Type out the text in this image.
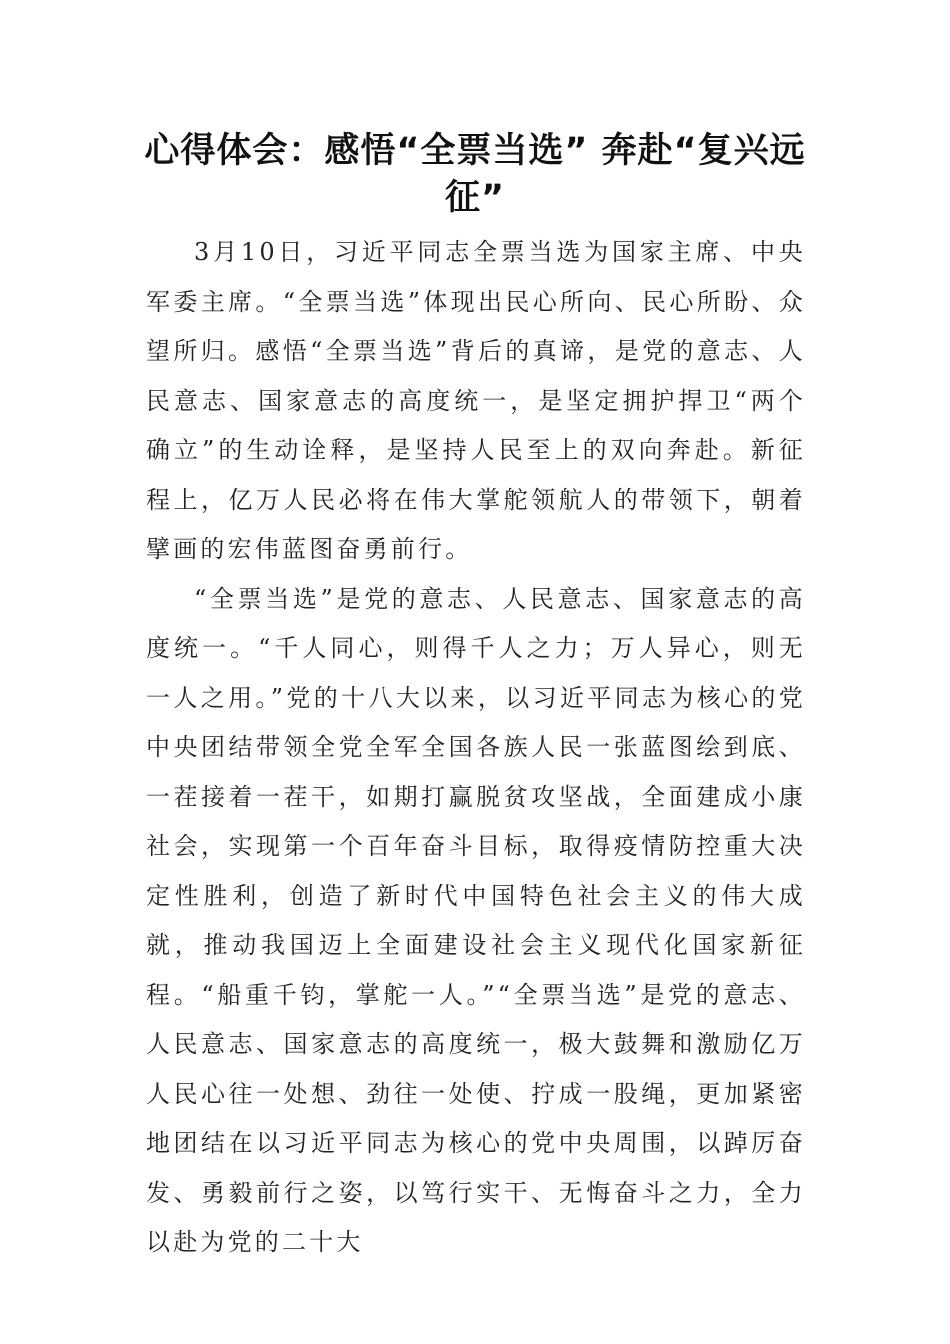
心得体会：感悟“全票当选” 奔赴“复兴远征”

3月10日，习近平同志全票当选为国家主席、中央军委主席。“全票当选”体现出民心所向、民心所盼、众望所归。感悟“全票当选”背后的真谛，是党的意志、人民意志、国家意志的高度统一，是坚定拥护捍卫“两个确立”的生动诠释，是坚持人民至上的双向奔赴。新征程上，亿万人民必将在伟大掌舵领航人的带领下，朝着擘画的宏伟蓝图奋勇前行。

“全票当选”是党的意志、人民意志、国家意志的高度统一。“千人同心，则得千人之力；万人异心，则无一人之用。”党的十八大以来，以习近平同志为核心的党中央团结带领全党全军全国各族人民一张蓝图绘到底、一茬接着一茬干，如期打赢脱贫攻坚战，全面建成小康社会，实现第一个百年奋斗目标，取得疫情防控重大决定性胜利，创造了新时代中国特色社会主义的伟大成就，推动我国迈上全面建设社会主义现代化国家新征程。“船重千钧，掌舵一人。”“全票当选”是党的意志、人民意志、国家意志的高度统一，极大鼓舞和激励亿万人民心往一处想、劲往一处使、拧成一股绳，更加紧密地团结在以习近平同志为核心的党中央周围，以踔厉奋发、勇毅前行之姿，以笃行实干、无悔奋斗之力，全力以赴为党的二十大
